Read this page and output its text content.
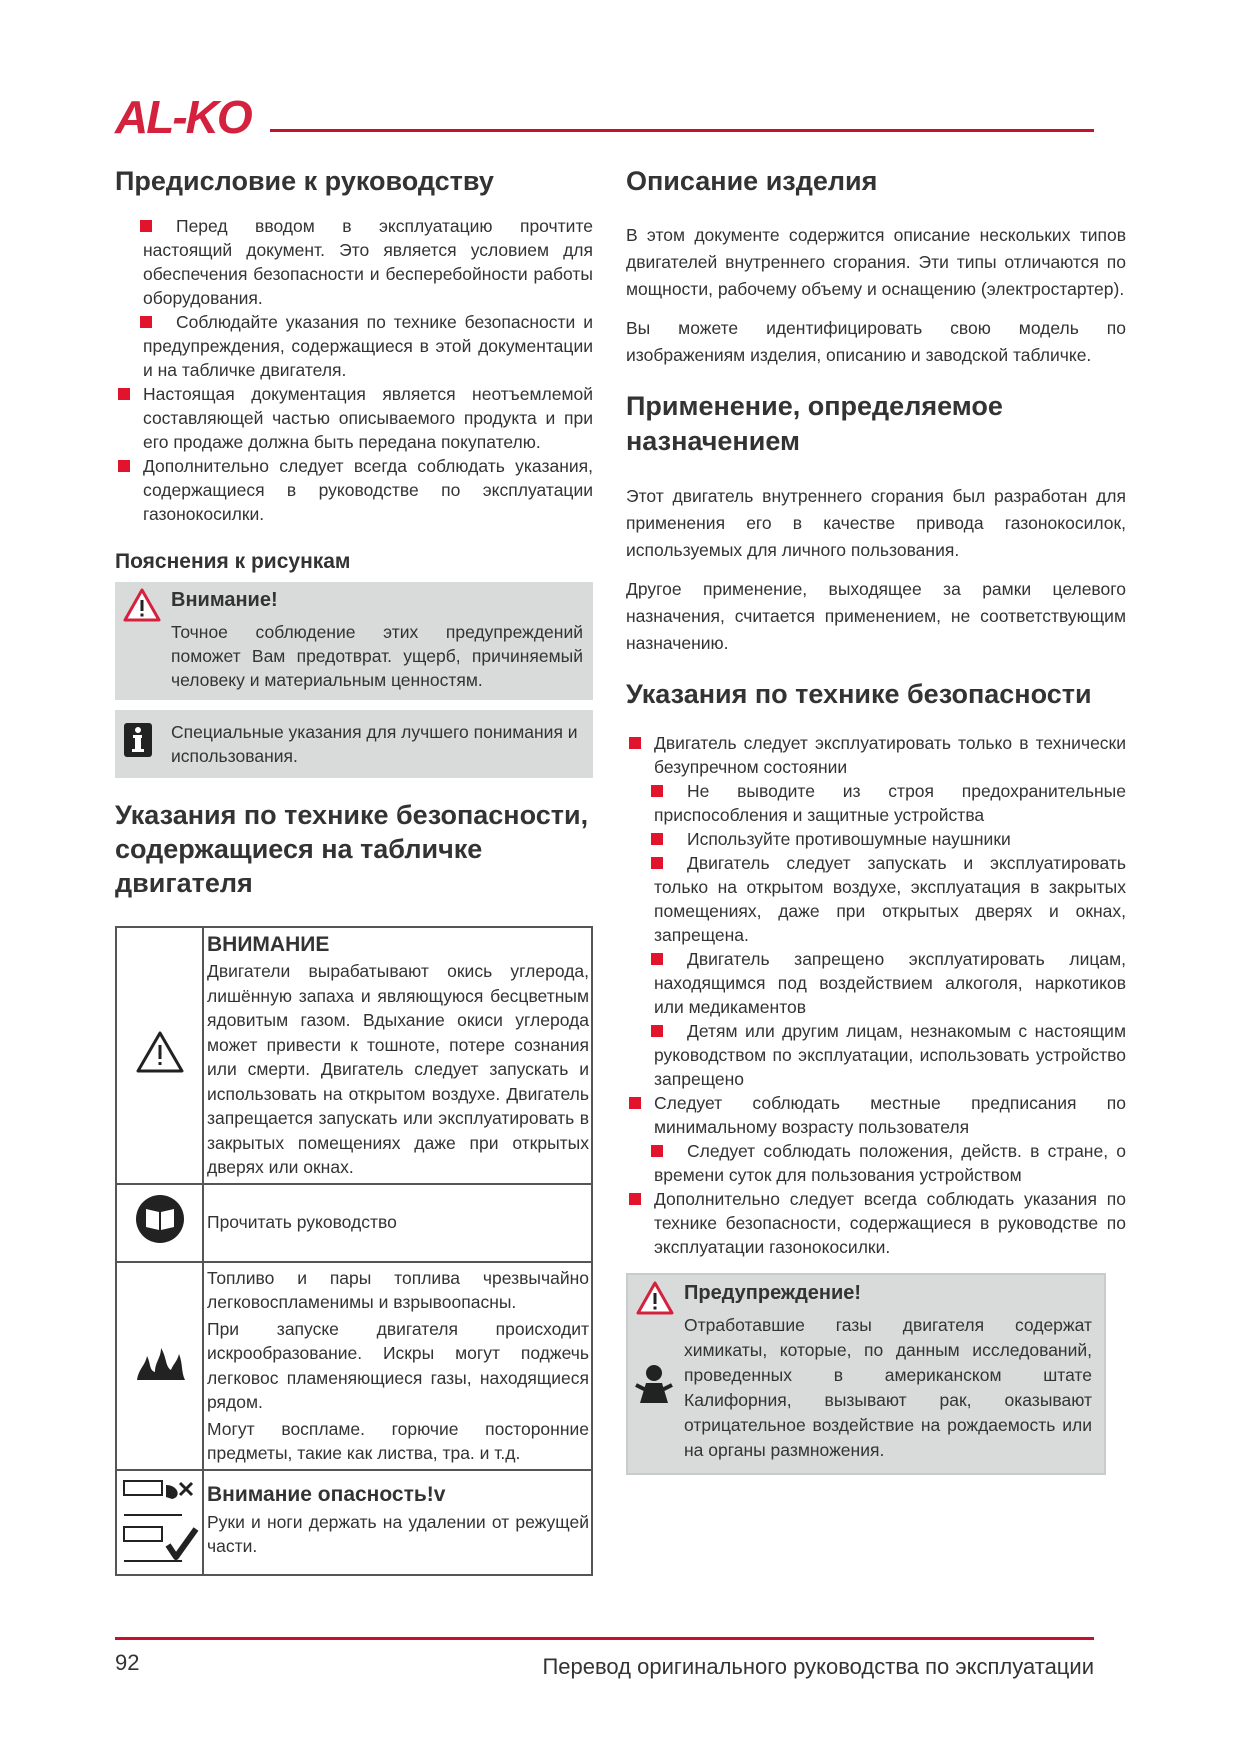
AL-KO
Предисловие к руководству
Перед вводом в эксплуатацию прочтите настоящий документ. Это является условием для обеспечения безопасности и бесперебойности работы оборудования.
Соблюдайте указания по технике безопасности и предупреждения, содержащиеся в этой документации и на табличке двигателя.
Настоящая документация является неотъемлемой составляющей частью описываемого продукта и при его продаже должна быть передана покупателю.
Дополнительно следует всегда соблюдать указания, содержащиеся в руководстве по эксплуатации газонокосилки.
Пояснения к рисункам
Внимание!
Точное соблюдение этих предупреждений поможет Вам предотврат. ущерб, причиняемый человеку и материальным ценностям.
Специальные указания для лучшего понимания и использования.
Указания по технике безопасности, содержащиеся на табличке двигателя

ВНИМАНИЕ
Двигатели вырабатывают окись углерода, лишённую запаха и являющуюся бесцветным ядовитым газом. Вдыхание окиси углерода может привести к тошноте, потере сознания или смерти. Двигатель следует запускать и использовать на открытом воздухе. Двигатель запрещается запускать или эксплуатировать в закрытых помещениях даже при открытых дверях или окнах.

Прочитать руководство

Топливо и пары топлива чрезвычайно легковоспламенимы и взрывоопасны.
При запуске двигателя происходит искрообразование. Искры могут поджечь легковос пламеняющиеся газы, находящиеся рядом.
Могут воспламе. горючие посторонние предметы, такие как листва, тра. и т.д.

Внимание опасность!v
Руки и ноги держать на удалении от режущей части.
Описание изделия

В этом документе содержится описание нескольких типов двигателей внутреннего сгорания. Эти типы отличаются по мощности, рабочему объему и оснащению (электростартер).

Вы можете идентифицировать свою модель по изображениям изделия, описанию и заводской табличке.

Применение, определяемое назначением

Этот двигатель внутреннего сгорания был разработан для применения его в качестве привода газонокосилок, используемых для личного пользования.

Другое применение, выходящее за рамки целевого назначения, считается применением, не соответствующим назначению.

Указания по технике безопасности
Двигатель следует эксплуатировать только в технически безупречном состоянии
Не выводите из строя предохранительные приспособления и защитные устройства
Используйте противошумные наушники
Двигатель следует запускать и эксплуатировать только на открытом воздухе, эксплуатация в закрытых помещениях, даже при открытых дверях и окнах, запрещена.
Двигатель запрещено эксплуатировать лицам, находящимся под воздействием алкоголя, наркотиков или медикаментов
Детям или другим лицам, незнакомым с настоящим руководством по эксплуатации, использовать устройство запрещено
Следует соблюдать местные предписания по минимальному возрасту пользователя
Следует соблюдать положения, действ. в стране, о времени суток для пользования устройством
Дополнительно следует всегда соблюдать указания по технике безопасности, содержащиеся в руководстве по эксплуатации газонокосилки.
Предупреждение!
Отработавшие газы двигателя содержат химикаты, которые, по данным исследований, проведенных в американском штате Калифорния, вызывают рак, оказывают отрицательное воздействие на рождаемость или на органы размножения.
92	Перевод оригинального руководства по эксплуатации
